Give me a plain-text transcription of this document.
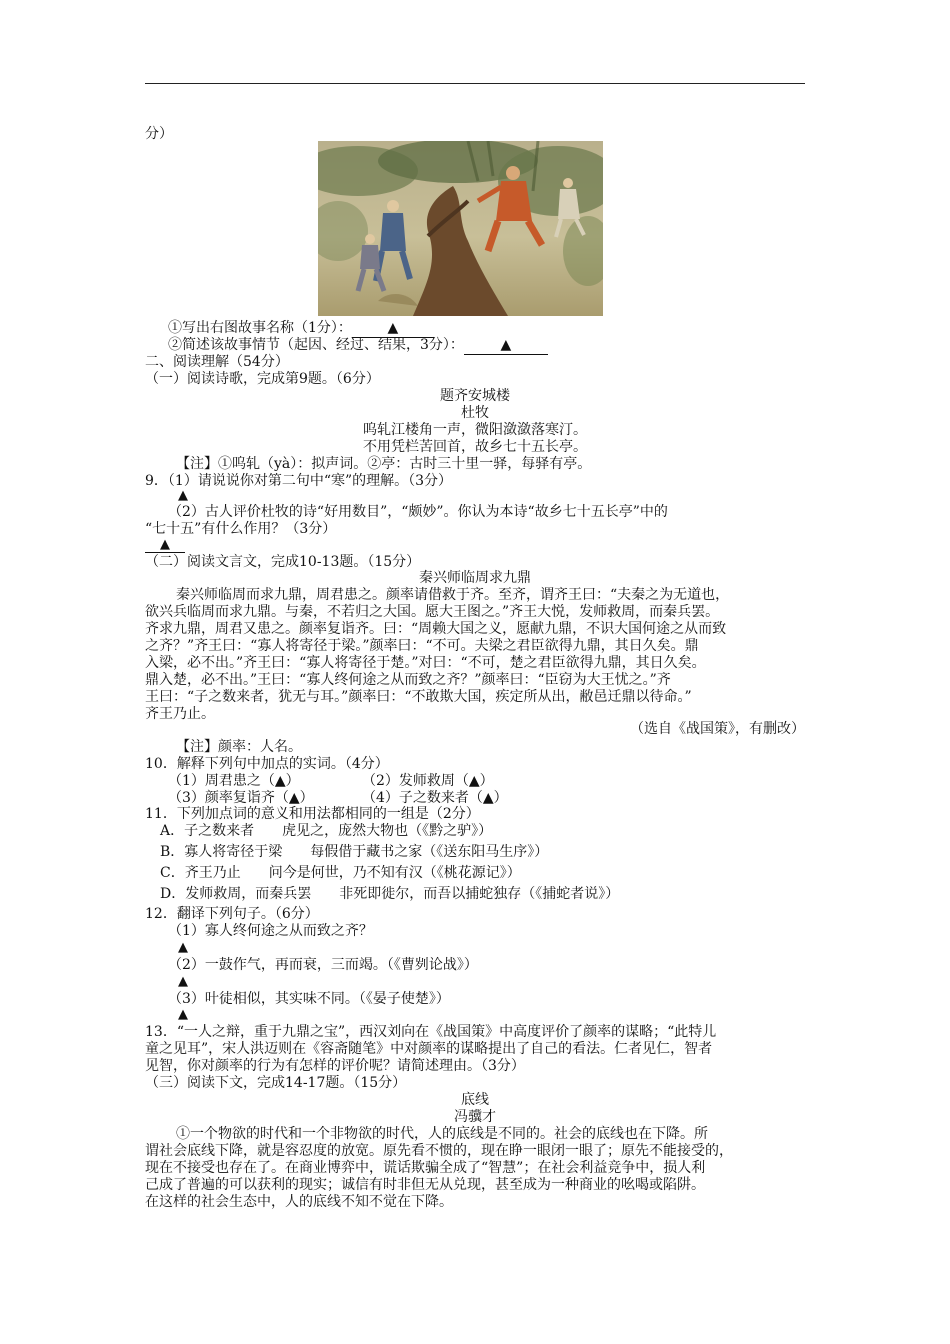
分）
①写出右图故事名称（1分）：	▲
②简述该故事情节（起因、经过、结果，3分）：	▲
二、阅读理解（54分）
（一）阅读诗歌，完成第9题。（6分）
题齐安城楼
杜牧
呜轧江楼角一声，微阳潋潋落寒汀。
不用凭栏苦回首，故乡七十五长亭。
【注】①呜轧（yà）：拟声词。②亭：古时三十里一驿，每驿有亭。
9．（1）请说说你对第二句中“寒”的理解。（3分）
▲
（2）古人评价杜牧的诗“好用数目”，“颇妙”。你认为本诗“故乡七十五长亭”中的
“七十五”有什么作用？（3分）
▲
（二）阅读文言文，完成10-13题。（15分）
秦兴师临周求九鼎
秦兴师临周而求九鼎，周君患之。颜率请借救于齐。至齐，谓齐王曰：“夫秦之为无道也，
欲兴兵临周而求九鼎。与秦，不若归之大国。愿大王图之。”齐王大悦，发师救周，而秦兵罢。
齐求九鼎，周君又患之。颜率复诣齐。曰：“周赖大国之义，愿献九鼎，不识大国何途之从而致
之齐？”齐王曰：“寡人将寄径于梁。”颜率曰：“不可。夫梁之君臣欲得九鼎，其日久矣。鼎
入梁，必不出。”齐王曰：“寡人将寄径于楚。”对曰：“不可，楚之君臣欲得九鼎，其日久矣。
鼎入楚，必不出。”王曰：“寡人终何途之从而致之齐？”颜率曰：“臣窃为大王忧之。”齐
王曰：“子之数来者，犹无与耳。”颜率曰：“不敢欺大国，疾定所从出，敝邑迁鼎以待命。”
齐王乃止。
（选自《战国策》，有删改）
【注】颜率：人名。
10．解释下列句中加点的实词。（4分）
（1）周君患之（▲）	（2）发师救周（▲）
（3）颜率复诣齐（▲）	（4）子之数来者（▲）
11．下列加点词的意义和用法都相同的一组是（2分）
A．子之数来者　　虎见之，庞然大物也（《黔之驴》）
B．寡人将寄径于梁　　每假借于藏书之家（《送东阳马生序》）
C．齐王乃止　　问今是何世，乃不知有汉（《桃花源记》）
D．发师救周，而秦兵罢　　非死即徙尔，而吾以捕蛇独存（《捕蛇者说》）
12．翻译下列句子。（6分）
（1）寡人终何途之从而致之齐？
▲
（2）一鼓作气，再而衰，三而竭。（《曹刿论战》）
▲
（3）叶徒相似，其实味不同。（《晏子使楚》）
▲
13．“一人之辩，重于九鼎之宝”，西汉刘向在《战国策》中高度评价了颜率的谋略；“此特儿
童之见耳”，宋人洪迈则在《容斋随笔》中对颜率的谋略提出了自己的看法。仁者见仁，智者
见智，你对颜率的行为有怎样的评价呢？请简述理由。（3分）
（三）阅读下文，完成14-17题。（15分）
底线
冯骥才
①一个物欲的时代和一个非物欲的时代，人的底线是不同的。社会的底线也在下降。所
谓社会底线下降，就是容忍度的放宽。原先看不惯的，现在睁一眼闭一眼了；原先不能接受的，
现在不接受也存在了。在商业博弈中，谎话欺骗全成了“智慧”；在社会利益竞争中，损人利
己成了普遍的可以获利的现实；诚信有时非但无从兑现，甚至成为一种商业的吆喝或陷阱。
在这样的社会生态中，人的底线不知不觉在下降。
